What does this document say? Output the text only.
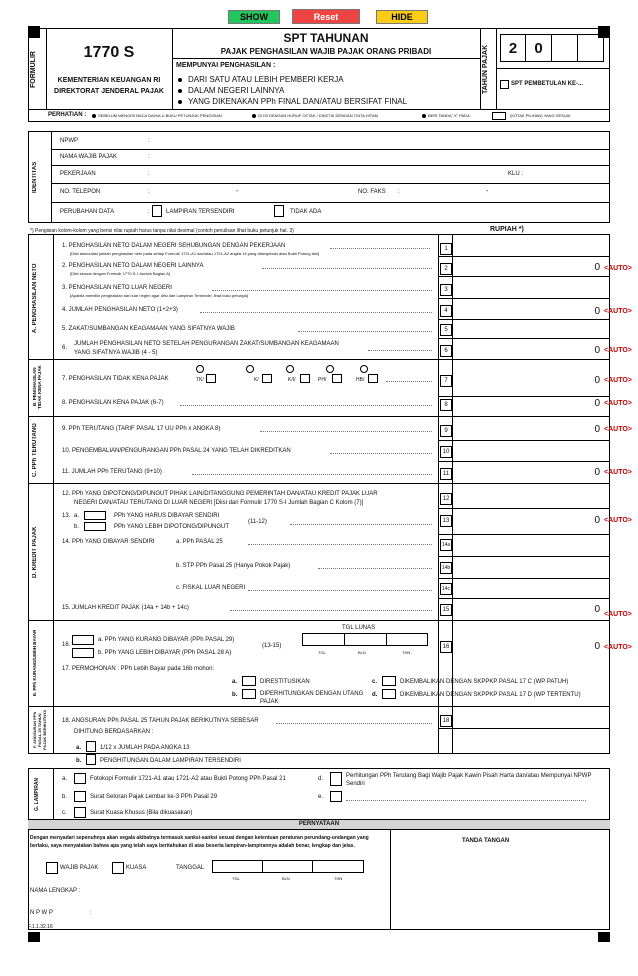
SHOW	Reset	HIDE
FORMULIR	1770 S
KEMENTERIAN KEUANGAN RI
DIREKTORAT JENDERAL PAJAK
SPT TAHUNAN
PAJAK PENGHASILAN WAJIB PAJAK ORANG PRIBADI
MEMPUNYAI PENGHASILAN :
DARI SATU ATAU LEBIH PEMBERI KERJA
DALAM NEGERI LAINNYA
YANG DIKENAKAN PPh FINAL DAN/ATAU BERSIFAT FINAL
TAHUN PAJAK	2	0
SPT PEMBETULAN KE-...
PERHATIAN :	SEBELUM MENGISI BACA DAHULU BUKU PETUNJUK PENGISIAN	DI ISI DENGAN HURUF CETAK / DIKETIK DENGAN TINTA HITAM	BERI TANDA "X" PADA	(KOTAK PILIHAN) YANG SESUAI
IDENTITAS
NPWP	:
NAMA WAJIB PAJAK	:
PEKERJAAN	:	KLU :
NO. TELEPON	:	-	NO. FAKS :	-
PERUBAHAN DATA	:	LAMPIRAN TERSENDIRI	TIDAK ADA
*) Pengisian kolom-kolom yang berisi nilai rupiah harus tanpa nilai desimal (contoh penulisan lihat buku petunjuk hal. 3)	RUPIAH *)
A. PENGHASILAN NETO
B. PENGHASILAN TIDAK KENA PAJAK
C. PPh TERUTANG
D. KREDIT PAJAK
E. PPh KURANG/LEBIH BAYAR
F. ANGSURAN PPh PASAL 25 TAHUN PAJAK BERIKUTNYA
1. PENGHASILAN NETO DALAM NEGERI SEHUBUNGAN DENGAN PEKERJAAN
[Diisi akumulasi jumlah penghasilan neto pada setiap Formulir 1721-A1 dan/atau 1721-A2 angka 14 yang dilampirkan atau Bukti Potong lain]
1
2. PENGHASILAN NETO DALAM NEGERI LAINNYA
[Diisi sesuai dengan Formulir 1770 S-I Jumlah Bagian A]
2	0 <AUTO>
3. PENGHASILAN NETO LUAR NEGERI
[Apabila memiliki penghasilan dari luar negeri agar diisi dari Lampiran Tersendiri, lihat buku petunjuk]
3
4. JUMLAH PENGHASILAN NETO (1+2+3)	4	0 <AUTO>
5. ZAKAT/SUMBANGAN KEAGAMAAN YANG SIFATNYA WAJIB	5
6.
JUMLAH PENGHASILAN NETO SETELAH PENGURANGAN ZAKAT/SUMBANGAN KEAGAMAAN
YANG SIFATNYA WAJIB (4 - 5)	6	0 <AUTO>
7. PENGHASILAN TIDAK KENA PAJAK	TK/	K/	K/I/	PH/	HB/	7	0 <AUTO>
8. PENGHASILAN KENA PAJAK (6-7)	8	0 <AUTO>
9. PPh TERUTANG (TARIF PASAL 17 UU PPh x ANGKA 8)	9	0 <AUTO>
10. PENGEMBALIAN/PENGURANGAN PPh PASAL 24 YANG TELAH DIKREDITKAN	10
11. JUMLAH PPh TERUTANG (9+10)	11	0 <AUTO>
12. PPh YANG DIPOTONG/DIPUNGUT PIHAK LAIN/DITANGGUNG PEMERINTAH DAN/ATAU KREDIT PAJAK LUAR
NEGERI DAN/ATAU TERUTANG DI LUAR NEGERI [Diisi dari Formulir 1770 S-I Jumlah Bagian C Kolom (7)]
12
13. a.	PPh YANG HARUS DIBAYAR SENDIRI
b.	PPh YANG LEBIH DIPOTONG/DIPUNGUT
(11-12)	13	0 <AUTO>
14. PPh YANG DIBAYAR SENDIRI	a. PPh PASAL 25	14a
b. STP PPh Pasal 25 (Hanya Pokok Pajak)	14b
c. FISKAL LUAR NEGERI	14c
15. JUMLAH KREDIT PAJAK (14a + 14b + 14c)	15	0 <AUTO>
TGL LUNAS
16.
a. PPh YANG KURANG DIBAYAR (PPh PASAL 29)
b. PPh YANG LEBIH DIBAYAR (PPh PASAL 28 A)
(13-15)
TGL	BLN	THN
16	0 <AUTO>
17. PERMOHONAN : PPh Lebih Bayar pada 16b mohon:
a.	DIRESTITUSIKAN
b.	DIPERHITUNGKAN DENGAN UTANG PAJAK
c.	DIKEMBALIKAN DENGAN SKPPKP PASAL 17 C (WP PATUH)
d.	DIKEMBALIKAN DENGAN SKPPKP PASAL 17 D (WP TERTENTU)
18. ANGSURAN PPh PASAL 25 TAHUN PAJAK BERIKUTNYA SEBESAR
DIHITUNG BERDASARKAN :
a.	1/12 x JUMLAH PADA ANGKA 13
b.	PENGHITUNGAN DALAM LAMPIRAN TERSENDIRI
18
G. LAMPIRAN	a.	Fotokopi Formulir 1721-A1 atau 1721-A2 atau Bukti Potong PPh Pasal 21
b.	Surat Setoran Pajak Lembar ke-3 PPh Pasal 29
c.	Surat Kuasa Khusus (Bila dikuasakan)
d.	Perhitungan PPh Terutang Bagi Wajib Pajak Kawin Pisah Harta dan/atau Mempunyai NPWP Sendiri
e.
PERNYATAAN
Dengan menyadari sepenuhnya akan segala akibatnya termasuk sanksi-sanksi sesuai dengan ketentuan peraturan perundang-undangan yang berlaku, saya menyatakan bahwa apa yang telah saya beritahukan di atas beserta lampiran-lampirannya adalah benar, lengkap dan jelas.
TANDA TANGAN
WAJIB PAJAK	KUASA	TANGGAL
TGL	BLN	THN
NAMA LENGKAP :
N P W P	:
F.1.1.32.16
